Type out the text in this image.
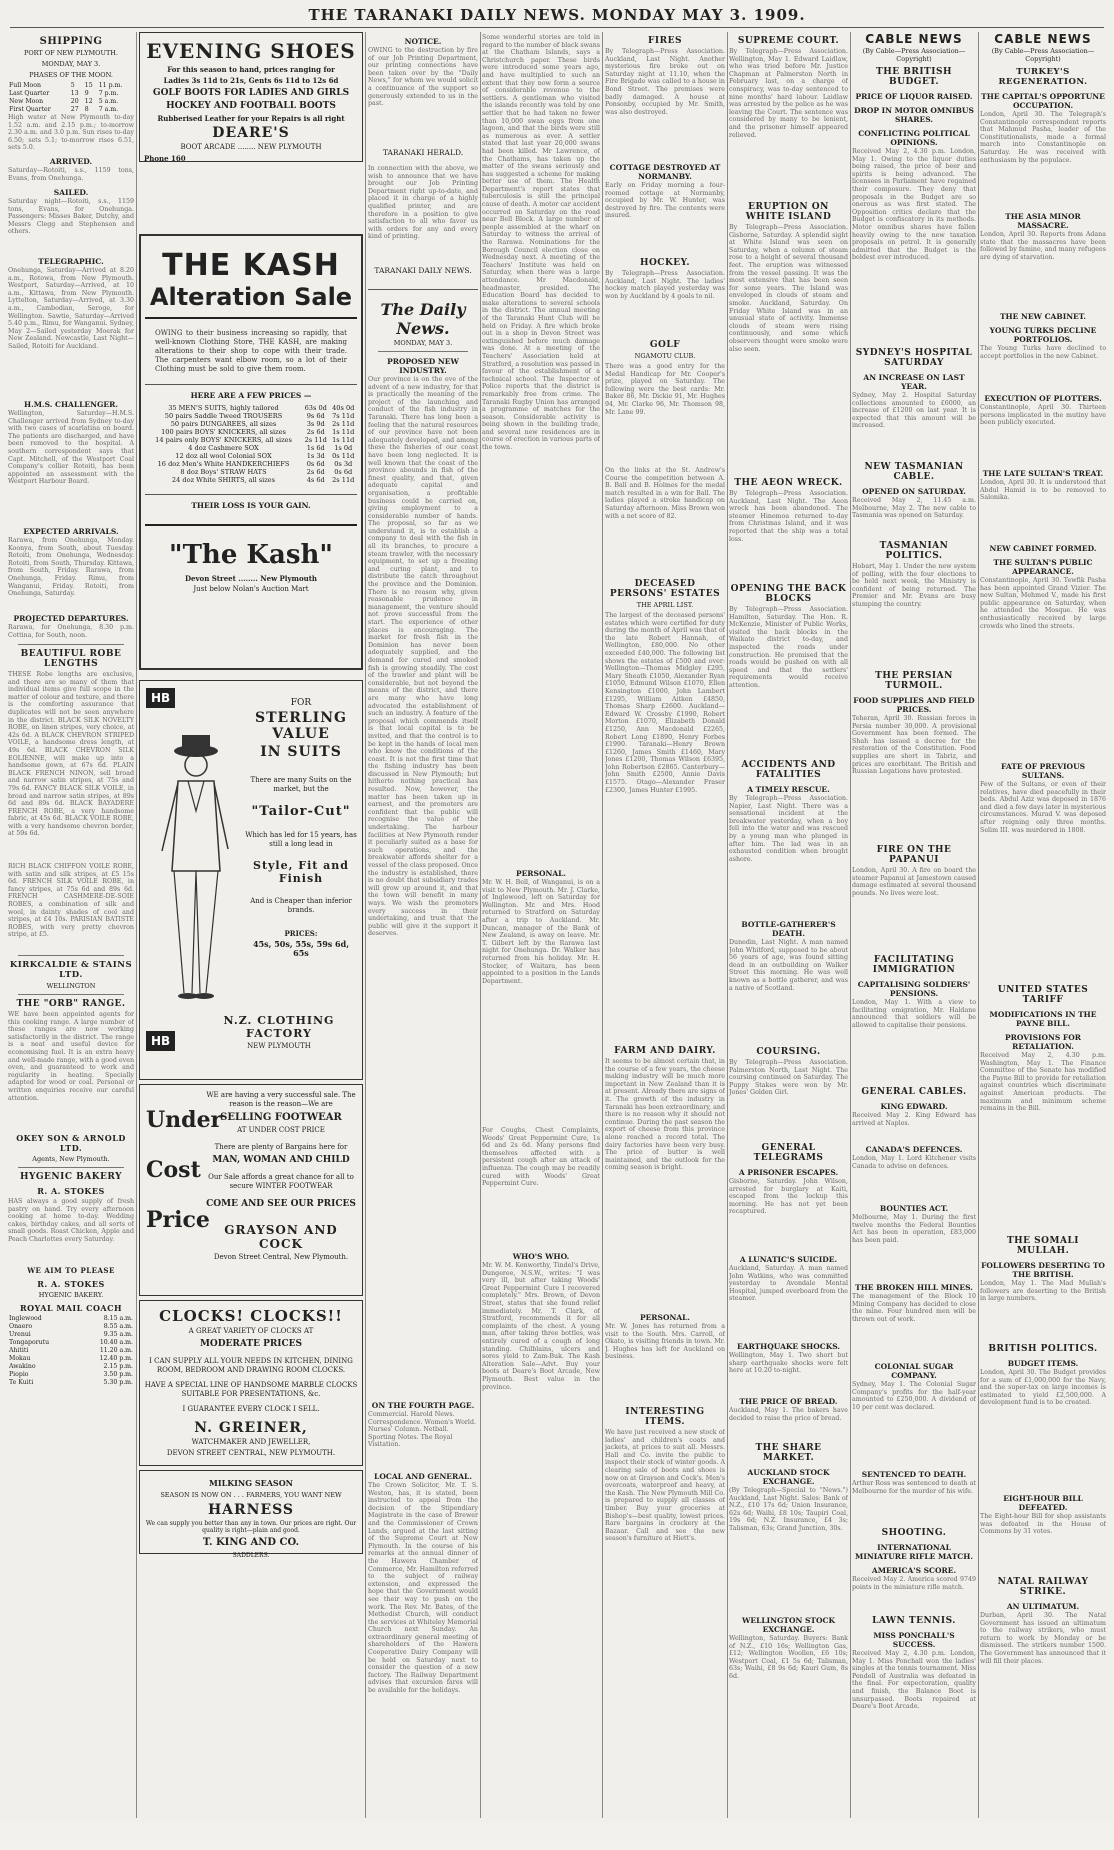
THE TARANAKI DAILY NEWS. MONDAY MAY 3. 1909.
SHIPPING
PORT OF NEW PLYMOUTH.
MONDAY, MAY 3.
PHASES OF THE MOON.
Full Moon	5	15	11 p.m.
Last Quarter	13	9	7 p.m.
New Moon	20	12	5 a.m.
First Quarter	27	8	7 a.m.
High water at New Plymouth to-day 1.52 a.m. and 2.15 p.m.; to-morrow 2.30 a.m. and 3.0 p.m. Sun rises to-day 6.50; sets 5.1; to-morrow rises 6.51, sets 5.0.
ARRIVED.
Saturday—Rotoiti, s.s., 1159 tons, Evans, from Onehunga.
SAILED.
Saturday night—Rotoiti, s.s., 1159 tons, Evans, for Onehunga. Passengers: Misses Baker, Dutchy, and Messrs Clegg and Stephenson and others.
TELEGRAPHIC.
Onehunga, Saturday—Arrived at 8.20 a.m., Rotowa, from New Plymouth. Westport, Saturday—Arrived, at 10 a.m., Kittawa, from New Plymouth. Lyttelton, Saturday—Arrived, at 3.30 a.m., Cambodian, Seroge, for Wellington. Sawtie, Saturday—Arrived 5.40 p.m., Rimu, for Wanganui. Sydney, May 2—Sailed yesterday Moerak for New Zealand. Newcastle, Last Night—Sailed, Rotoiti for Auckland.
H.M.S. CHALLENGER.
Wellington, Saturday—H.M.S. Challenger arrived from Sydney to-day with two cases of scarlatina on board. The patients are discharged, and have been removed to the hospital. A southern correspondent says that Capt. Mitchell, of the Westport Coal Company's collier Rotoiti, has been appointed an assessment with the Westport Harbour Board.
EXPECTED ARRIVALS.
Rarawa, from Onehunga, Monday. Koonya, from South, about Tuesday. Rotoiti, from Onehunga, Wednesday. Rotoiti, from South, Thursday. Kittawa, from South, Friday. Rarawa, from Onehunga, Friday. Rimu, from Wanganui, Friday. Rotoiti, from Onehunga, Saturday.
PROJECTED DEPARTURES.
Rarawa, for Onehunga, 8.30 p.m. Cottina, for South, noon.
BEAUTIFUL ROBE LENGTHS
THESE Robe lengths are exclusive, and there are so many of them that individual items give full scope in the matter of colour and texture, and there is the comforting assurance that duplicates will not be seen anywhere in the district. BLACK SILK NOVELTY ROBE, on linen stripes, very choice, at 42s 6d. A BLACK CHEVRON STRIPED VOILE, a handsome dress length, at 49s 6d. BLACK CHEVRON SILK EOLIENNE, will make up into a handsome gown, at 67s 6d. PLAIN BLACK FRENCH NINON, sell broad and narrow satin stripes, at 75s and 79s 6d. FANCY BLACK SILK VOILE, in broad and narrow satin stripes, at 89s 6d and 89s 6d. BLACK BAYADERE FRENCH ROBE, a very handsome fabric, at 45s 6d. BLACK VOILE ROBE, with a very handsome chevron border, at 59s 6d.
RICH BLACK CHIFFON VOILE ROBE, with satin and silk stripes, at £5 15s 6d. FRENCH SILK VOILE ROBE, in fancy stripes, at 75s 6d and 89s 6d. FRENCH CASHMERE-DE-SOIE ROBES, a combination of silk and wool, in dainty shades of cool and stripes, at £4 10s. PARISIAN BATISTE ROBES, with very pretty chevron stripe, at £5.
KIRKCALDIE & STAINS LTD.
WELLINGTON
THE "ORB" RANGE.
WE have been appointed agents for this cooking range. A large number of these ranges are now working satisfactorily in the district. The range is a neat and useful device for economising fuel. It is an extra heavy and well-made range, with a good even oven, and guaranteed to work and regularity in heating. Specially adapted for wood or coal. Personal or written enquiries receive our careful attention.
OKEY SON & ARNOLD LTD.
Agents, New Plymouth.
HYGENIC BAKERY
R. A. STOKES
HAS always a good supply of fresh pastry on hand. Try every afternoon cooking at home to-day. Wedding cakes, birthday cakes, and all sorts of small goods. Roast Chicken, Apple and Peach Charlottes every Saturday.
WE AIM TO PLEASE
R. A. STOKES
HYGENIC BAKERY.
ROYAL MAIL COACH
Inglewood	8.15 a.m.
Onaero	8.55 a.m.
Urenui	9.35 a.m.
Tongaporutu	10.40 a.m.
Ahititi	11.20 a.m.
Mokau	12.40 p.m.
Awakino	2.15 p.m.
Piopio	3.50 p.m.
Te Kuiti	5.30 p.m.
EVENING SHOES
For this season to hand, prices ranging for
Ladies 3s 11d to 21s, Gents 6s 11d to 12s 6d
GOLF BOOTS FOR LADIES AND GIRLS
HOCKEY AND FOOTBALL BOOTS
Rubberised Leather for your Repairs is all right
DEARE'S
BOOT ARCADE ........ NEW PLYMOUTH
Phone 160
THE KASH
Alteration Sale
OWING to their business increasing so rapidly, that well-known Clothing Store, THE KASH, are making alterations to their shop to cope with their trade. The carpenters want elbow room, so a lot of their Clothing must be sold to give them room.
HERE ARE A FEW PRICES —
35 MEN'S SUITS, highly tailored	63s 0d	40s 0d
50 pairs Saddle Tweed TROUSERS	9s 6d	7s 11d
50 pairs DUNGAREES, all sizes	3s 9d	2s 11d
100 pairs BOYS' KNICKERS, all sizes	2s 6d	1s 11d
14 pairs only BOYS' KNICKERS, all sizes	2s 11d	1s 11d
4 doz Cashmere SOX	1s 6d	1s 0d
12 doz all wool Colonial SOX	1s 3d	0s 11d
16 doz Men's White HANDKERCHIEFS	0s 6d	0s 3d
8 doz Boys' STRAW HATS	2s 6d	0s 6d
24 doz White SHIRTS, all sizes	4s 6d	2s 11d
THEIR LOSS IS YOUR GAIN.
"The Kash"
Devon Street ........ New Plymouth
Just below Nolan's Auction Mart
HB	FOR
STERLING VALUE
IN SUITS
There are many Suits on the market, but the
"Tailor-Cut"
Which has led for 15 years, has still a long lead in
Style, Fit and Finish
And is Cheaper than inferior brands.
PRICES:
45s, 50s, 55s, 59s 6d, 65s
HB
N.Z. CLOTHING FACTORY
NEW PLYMOUTH
Under
Cost
Price
WE are having a very successful sale. The reason is the reason—We are
SELLING FOOTWEAR
AT UNDER COST PRICE
There are plenty of Bargains here for
MAN, WOMAN AND CHILD
Our Sale affords a great chance for all to secure WINTER FOOTWEAR
COME AND SEE OUR PRICES
GRAYSON AND COCK
Devon Street Central, New Plymouth.
CLOCKS! CLOCKS!!
A GREAT VARIETY OF CLOCKS AT
MODERATE PRICES
I CAN SUPPLY ALL YOUR NEEDS IN KITCHEN, DINING ROOM, BEDROOM AND DRAWING ROOM CLOCKS.
HAVE A SPECIAL LINE OF HANDSOME MARBLE CLOCKS SUITABLE FOR PRESENTATIONS, &c.
I GUARANTEE EVERY CLOCK I SELL.
N. GREINER,
WATCHMAKER AND JEWELLER,
DEVON STREET CENTRAL, NEW PLYMOUTH.
MILKING SEASON
SEASON IS NOW ON . . . FARMERS, YOU WANT NEW
HARNESS
We can supply you better than any in town. Our prices are right. Our quality is right—plain and good.
T. KING AND CO.
SADDLERS.
NOTICE.
OWING to the destruction by fire of our Job Printing Department, our printing connections have been taken over by the "Daily News," for whom we would solicit a continuance of the support so generously extended to us in the past.
TARANAKI HERALD.
In connection with the above, we wish to announce that we have brought our Job Printing Department right up-to-date, and placed it in charge of a highly qualified printer, and are therefore in a position to give satisfaction to all who favor us with orders for any and every kind of printing.
TARANAKI DAILY NEWS.
The Daily News.
MONDAY, MAY 3.
PROPOSED NEW INDUSTRY.
Our province is on the eve of the advent of a new industry, for that is practically the meaning of the project of the launching and conduct of the fish industry in Taranaki. There has long been a feeling that the natural resources of our province have not been adequately developed, and among these the fisheries of our coast have been long neglected. It is well known that the coast of the province abounds in fish of the finest quality, and that, given adequate capital and organisation, a profitable business could be carried on, giving employment to a considerable number of hands. The proposal, so far as we understand it, is to establish a company to deal with the fish in all its branches, to procure a steam trawler, with the necessary equipment, to set up a freezing and curing plant, and to distribute the catch throughout the province and the Dominion. There is no reason why, given reasonable prudence in management, the venture should not prove successful from the start. The experience of other places is encouraging. The market for fresh fish in the Dominion has never been adequately supplied, and the demand for cured and smoked fish is growing steadily. The cost of the trawler and plant will be considerable, but not beyond the means of the district, and there are many who have long advocated the establishment of such an industry. A feature of the proposal which commends itself is that local capital is to be invited, and that the control is to be kept in the hands of local men who know the conditions of the coast. It is not the first time that the fishing industry has been discussed in New Plymouth; but hitherto nothing practical has resulted. Now, however, the matter has been taken up in earnest, and the promoters are confident that the public will recognise the value of the undertaking. The harbour facilities at New Plymouth render it peculiarly suited as a base for such operations, and the breakwater affords shelter for a vessel of the class proposed. Once the industry is established, there is no doubt that subsidiary trades will grow up around it, and that the town will benefit in many ways. We wish the promoters every success in their undertaking, and trust that the public will give it the support it deserves.
ON THE FOURTH PAGE.
Commercial. Harold News. Correspondence. Women's World. Nurses' Column. Netball. Sporting Notes. The Royal Visitation.
LOCAL AND GENERAL.
The Crown Solicitor, Mr. T. S. Weston, has, it is stated, been instructed to appeal from the decision of the Stipendiary Magistrate in the case of Brewer and the Commissioner of Crown Lands, argued at the last sitting of the Supreme Court at New Plymouth. In the course of his remarks at the annual dinner of the Hawera Chamber of Commerce, Mr. Hamilton referred to the subject of railway extension, and expressed the hope that the Government would see their way to push on the work. The Rev. Mr. Bates, of the Methodist Church, will conduct the services at Whiteley Memorial Church next Sunday. An extraordinary general meeting of shareholders of the Hawera Cooperative Dairy Company will be held on Saturday next to consider the question of a new factory. The Railway Department advises that excursion fares will be available for the holidays.
Some wonderful stories are told in regard to the number of black swans at the Chatham Islands, says a Christchurch paper. These birds were introduced some years ago, and have multiplied to such an extent that they now form a source of considerable revenue to the settlers. A gentleman who visited the islands recently was told by one settler that he had taken no fewer than 10,000 swan eggs from one lagoon, and that the birds were still as numerous as ever. A settler stated that last year 20,000 swans had been killed. Mr Lawrence, of the Chathams, has taken up the matter of the swans seriously and has suggested a scheme for making better use of them. The Health Department's report states that tuberculosis is still the principal cause of death. A motor car accident occurred on Saturday on the road near Bell Block. A large number of people assembled at the wharf on Saturday to witness the arrival of the Rarawa. Nominations for the Borough Council election close on Wednesday next. A meeting of the Teachers' Institute was held on Saturday, when there was a large attendance. Mr Macdonald, headmaster, presided. The Education Board has decided to make alterations to several schools in the district. The annual meeting of the Taranaki Hunt Club will be held on Friday. A fire which broke out in a shop in Devon Street was extinguished before much damage was done. At a meeting of the Teachers' Association held at Stratford, a resolution was passed in favour of the establishment of a technical school. The Inspector of Police reports that the district is remarkably free from crime. The Taranaki Rugby Union has arranged a programme of matches for the season. Considerable activity is being shown in the building trade, and several new residences are in course of erection in various parts of the town.
PERSONAL.
Mr. W. H. Bell, of Wanganui, is on a visit to New Plymouth. Mr. J. Clarke, of Inglewood, left on Saturday for Wellington. Mr. and Mrs. Hood returned to Stratford on Saturday after a trip to Auckland. Mr. Duncan, manager of the Bank of New Zealand, is away on leave. Mr. T. Gilbert left by the Rarawa last night for Onehunga. Dr. Walker has returned from his holiday. Mr. H. Stocker, of Waitara, has been appointed to a position in the Lands Department.
For Coughs, Chest Complaints, Woods' Great Peppermint Cure, 1s 6d and 2s 6d. Many persons find themselves affected with a persistent cough after an attack of influenza. The cough may be readily cured with Woods' Great Peppermint Cure.
WHO'S WHO.
Mr. W. M. Kenworthy, Tindel's Drive, Dungeree, N.S.W., writes: "I was very ill, but after taking Woods' Great Peppermint Cure I recovered completely." Mrs. Brown, of Devon Street, states that she found relief immediately. Mr. T. Clark, of Stratford, recommends it for all complaints of the chest. A young man, after taking three bottles, was entirely cured of a cough of long standing. Chilblains, ulcers and sores yield to Zam-Buk. The Kash Alteration Sale—Advt. Buy your boots at Deare's Boot Arcade, New Plymouth. Best value in the province.
FIRES
By Telegraph—Press Association. Auckland, Last Night. Another mysterious fire broke out on Saturday night at 11.10, when the Fire Brigade was called to a house in Bond Street. The premises were badly damaged. A house at Ponsonby, occupied by Mr. Smith, was also destroyed.
COTTAGE DESTROYED AT NORMANBY.
Early on Friday morning a four-roomed cottage at Normanby, occupied by Mr. W. Hunter, was destroyed by fire. The contents were insured.
HOCKEY.
By Telegraph—Press Association. Auckland, Last Night. The ladies' hockey match played yesterday was won by Auckland by 4 goals to nil.
GOLF
NGAMOTU CLUB.
There was a good entry for the Medal Handicap for Mr. Cooper's prize, played on Saturday. The following were the best cards: Mr. Baker 86, Mr. Dickie 91, Mr. Hughes 94, Mr. Clarke 96, Mr. Thomson 98, Mr. Lane 99.
On the links at the St. Andrew's Course the competition between A. B. Ball and B. Holmes for the medal match resulted in a win for Ball. The ladies played a stroke handicap on Saturday afternoon. Miss Brown won with a net score of 82.
DECEASED PERSONS' ESTATES
THE APRIL LIST.
The largest of the deceased persons' estates which were certified for duty during the month of April was that of the late Robert Hannah, of Wellington, £80,000. No other exceeded £40,000. The following list shows the estates of £500 and over: Wellington—Thomas Midgley £295, Mary Sheath £1050, Alexander Ryan £1050, Edmund Wilson £1070, Ellen Kensington £1000, John Lambert £1295, William Aitken £4850, Thomas Sharp £2600. Auckland—Edward W. Crossby £1990, Robert Morton £1070, Elizabeth Donald £1250, Ann Macdonald £2265, Robert Long £1890, Henry Forbes £1990. Taranaki—Henry Brown £1260, James Smith £1460, Mary Jones £1200, Thomas Wilson £6395, John Robertson £2865. Canterbury—John Smith £2500, Annie Davis £1575. Otago—Alexander Fraser £2300, James Hunter £1995.
FARM AND DAIRY.
It seems to be almost certain that, in the course of a few years, the cheese making industry will be much more important in New Zealand than it is at present. Already there are signs of it. The growth of the industry in Taranaki has been extraordinary, and there is no reason why it should not continue. During the past season the export of cheese from this province alone reached a record total. The dairy factories have been very busy. The price of butter is well maintained, and the outlook for the coming season is bright.
PERSONAL.
Mr. W. Jones has returned from a visit to the South. Mrs. Carroll, of Okato, is visiting friends in town. Mr. J. Hughes has left for Auckland on business.
INTERESTING ITEMS.
We have just received a new stock of ladies' and children's coats and jackets, at prices to suit all. Messrs. Hall and Co. invite the public to inspect their stock of winter goods. A clearing sale of boots and shoes is now on at Grayson and Cock's. Men's overcoats, waterproof and heavy, at the Kash. The New Plymouth Mill Co. is prepared to supply all classes of timber. Buy your groceries at Bishop's—best quality, lowest prices. Rare bargains in crockery at the Bazaar. Call and see the new season's furniture at Hiett's.
SUPREME COURT.
By Telegraph—Press Association. Wellington, May 1. Edward Laidlaw, who was tried before Mr. Justice Chapman at Palmerston North in February last, on a charge of conspiracy, was to-day sentenced to nine months' hard labour. Laidlaw was arrested by the police as he was leaving the Court. The sentence was considered by many to be lenient, and the prisoner himself appeared relieved.
ERUPTION ON WHITE ISLAND
By Telegraph—Press Association. Gisborne, Saturday. A splendid sight at White Island was seen on Saturday, when a column of steam rose to a height of several thousand feet. The eruption was witnessed from the vessel passing. It was the most extensive that has been seen for some years. The Island was enveloped in clouds of steam and smoke. Auckland, Saturday. On Friday White Island was in an unusual state of activity. Immense clouds of steam were rising continuously, and some which observers thought were smoke were also seen.
THE AEON WRECK.
By Telegraph—Press Association. Auckland, Last Night. The Aeon wreck has been abandoned. The steamer Hinemoa returned to-day from Christmas Island, and it was reported that the ship was a total loss.
OPENING THE BACK BLOCKS
By Telegraph—Press Association. Hamilton, Saturday. The Hon. R. McKenzie, Minister of Public Works, visited the back blocks in the Waikato district to-day, and inspected the roads under construction. He promised that the roads would be pushed on with all speed and that the settlers' requirements would receive attention.
ACCIDENTS AND FATALITIES
A TIMELY RESCUE.
By Telegraph—Press Association. Napier, Last Night. There was a sensational incident at the breakwater yesterday, when a boy fell into the water and was rescued by a young man who plunged in after him. The lad was in an exhausted condition when brought ashore.
BOTTLE-GATHERER'S DEATH.
Dunedin, Last Night. A man named John Whitford, supposed to be about 56 years of age, was found sitting dead in an outbuilding on Walker Street this morning. He was well known as a bottle gatherer, and was a native of Scotland.
COURSING.
By Telegraph—Press Association. Palmerston North, Last Night. The coursing continued on Saturday. The Puppy Stakes were won by Mr. Jones' Golden Girl.
GENERAL TELEGRAMS
A PRISONER ESCAPES.
Gisborne, Saturday. John Wilson, arrested for burglary at Kaiti, escaped from the lockup this morning. He has not yet been recaptured.
A LUNATIC'S SUICIDE.
Auckland, Saturday. A man named John Watkins, who was committed yesterday to Avondale Mental Hospital, jumped overboard from the steamer.
EARTHQUAKE SHOCKS.
Wellington, May 1. Two short but sharp earthquake shocks were felt here at 10.20 to-night.
THE PRICE OF BREAD.
Auckland, May 1. The bakers have decided to raise the price of bread.
THE SHARE MARKET.
AUCKLAND STOCK EXCHANGE.
(By Telegraph—Special to "News.") Auckland, Last Night. Sales: Bank of N.Z., £10 17s 6d; Union Insurance, 62s 6d; Waihi, £8 10s; Taupiri Coal, 19s 6d; N.Z. Insurance, £4 3s; Talisman, 63s; Grand Junction, 30s.
WELLINGTON STOCK EXCHANGE.
Wellington, Saturday. Buyers: Bank of N.Z., £10 16s; Wellington Gas, £12; Wellington Woollen, £6 10s; Westport Coal, £1 5s 6d; Talisman, 63s; Waihi, £8 9s 6d; Kauri Gum, 8s 6d.
CABLE NEWS
(By Cable—Press Association—Copyright)
THE BRITISH BUDGET.
PRICE OF LIQUOR RAISED.
DROP IN MOTOR OMNIBUS SHARES.
CONFLICTING POLITICAL OPINIONS.
Received May 2, 4.30 p.m. London, May 1. Owing to the liquor duties being raised, the price of beer and spirits is being advanced. The licensees in Parliament have regained their composure. They deny that proposals in the Budget are so onerous as was first stated. The Opposition critics declare that the Budget is confiscatory in its methods. Motor omnibus shares have fallen heavily owing to the new taxation proposals on petrol. It is generally admitted that the Budget is the boldest ever introduced.
SYDNEY'S HOSPITAL SATURDAY
AN INCREASE ON LAST YEAR.
Sydney, May 2. Hospital Saturday collections amounted to £6000, an increase of £1200 on last year. It is expected that this amount will be increased.
NEW TASMANIAN CABLE.
OPENED ON SATURDAY.
Received May 2, 11.45 a.m. Melbourne, May 2. The new cable to Tasmania was opened on Saturday.
TASMANIAN POLITICS.
Hobart, May 1. Under the new system of polling, with the four elections to be held next week, the Ministry is confident of being returned. The Premier and Mr. Evans are busy stumping the country.
THE PERSIAN TURMOIL.
FOOD SUPPLIES AND FIELD PRICES.
Teheran, April 30. Russian forces in Persia number 30,000. A provisional Government has been formed. The Shah has issued a decree for the restoration of the Constitution. Food supplies are short in Tabriz, and prices are exorbitant. The British and Russian Legations have protested.
FIRE ON THE PAPANUI
London, April 30. A fire on board the steamer Papanui at Jamestown caused damage estimated at several thousand pounds. No lives were lost.
FACILITATING IMMIGRATION
CAPITALISING SOLDIERS' PENSIONS.
London, May 1. With a view to facilitating emigration, Mr. Haldane announced that soldiers will be allowed to capitalise their pensions.
GENERAL CABLES.
KING EDWARD.
Received May 2. King Edward has arrived at Naples.
CANADA'S DEFENCES.
London, May 1. Lord Kitchener visits Canada to advise on defences.
BOUNTIES ACT.
Melbourne, May 1. During the first twelve months the Federal Bounties Act has been in operation, £83,000 has been paid.
THE BROKEN HILL MINES.
The management of the Block 10 Mining Company has decided to close the mine. Four hundred men will be thrown out of work.
COLONIAL SUGAR COMPANY.
Sydney, May 1. The Colonial Sugar Company's profits for the half-year amounted to £250,000. A dividend of 10 per cent was declared.
SENTENCED TO DEATH.
Arthur Ross was sentenced to death at Melbourne for the murder of his wife.
SHOOTING.
INTERNATIONAL MINIATURE RIFLE MATCH.
AMERICA'S SCORE.
Received May 2. America scored 9749 points in the miniature rifle match.
LAWN TENNIS.
MISS PONCHALL'S SUCCESS.
Received May 2, 4.30 p.m. London, May 1. Miss Ponchall won the ladies' singles at the tennis tournament. Miss Pendell of Australia was defeated in the final. For expectoration, quality and finish, the Balance Boot is unsurpassed. Boots repaired at Deare's Boot Arcade.
CABLE NEWS
(By Cable—Press Association—Copyright)
TURKEY'S REGENERATION.
THE CAPITAL'S OPPORTUNE OCCUPATION.
London, April 30. The Telegraph's Constantinople correspondent reports that Mahmud Pasha, leader of the Constitutionalists, made a formal march into Constantinople on Saturday. He was received with enthusiasm by the populace.
THE ASIA MINOR MASSACRE.
London, April 30. Reports from Adana state that the massacres have been followed by famine, and many refugees are dying of starvation.
THE NEW CABINET.
YOUNG TURKS DECLINE PORTFOLIOS.
The Young Turks have declined to accept portfolios in the new Cabinet.
EXECUTION OF PLOTTERS.
Constantinople, April 30. Thirteen persons implicated in the mutiny have been publicly executed.
THE LATE SULTAN'S TREAT.
London, April 30. It is understood that Abdul Hamid is to be removed to Salonika.
NEW CABINET FORMED.
THE SULTAN'S PUBLIC APPEARANCE.
Constantinople, April 30. Tewfik Pasha has been appointed Grand Vizier. The new Sultan, Mehmed V., made his first public appearance on Saturday, when he attended the Mosque. He was enthusiastically received by large crowds who lined the streets.
FATE OF PREVIOUS SULTANS.
Few of the Sultans, or even of their relatives, have died peacefully in their beds. Abdul Aziz was deposed in 1876 and died a few days later in mysterious circumstances. Murad V. was deposed after reigning only three months. Selim III. was murdered in 1808.
UNITED STATES TARIFF
MODIFICATIONS IN THE PAYNE BILL.
PROVISIONS FOR RETALIATION.
Received May 2, 4.30 p.m. Washington, May 1. The Finance Committee of the Senate has modified the Payne Bill to provide for retaliation against countries which discriminate against American products. The maximum and minimum scheme remains in the Bill.
THE SOMALI MULLAH.
FOLLOWERS DESERTING TO THE BRITISH.
London, May 1. The Mad Mullah's followers are deserting to the British in large numbers.
BRITISH POLITICS.
BUDGET ITEMS.
London, April 30. The Budget provides for a sum of £1,000,000 for the Navy, and the super-tax on large incomes is estimated to yield £2,500,000. A development fund is to be created.
EIGHT-HOUR BILL DEFEATED.
The Eight-hour Bill for shop assistants was defeated in the House of Commons by 31 votes.
NATAL RAILWAY STRIKE.
AN ULTIMATUM.
Durban, April 30. The Natal Government has issued an ultimatum to the railway strikers, who must return to work by Monday or be dismissed. The strikers number 1500. The Government has announced that it will fill their places.
